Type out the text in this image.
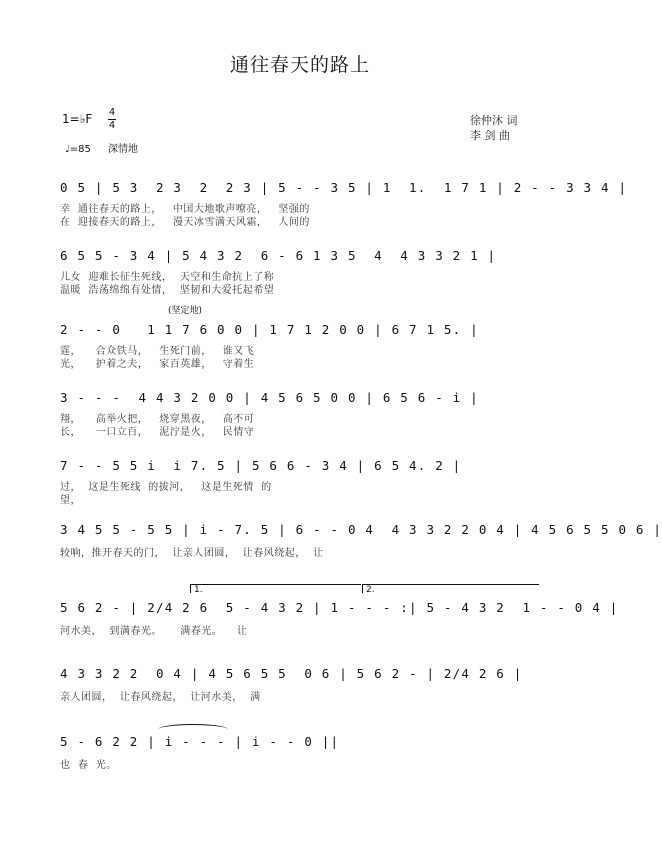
通往春天的路上
1=♭F 4
4
♩=85 深情地
徐仲沐 词
李 剑 曲
0 5 | 5 3  2 3  2  2 3 | 5 - - 3 5 | 1  1.  1 7 1 | 2 - - 3 3 4 |
幸  通往春天的路上，   中国大地歌声嘹亮，   坚强的
在  迎接春天的路上，   漫天冰雪满天风霜，   人间的
6 5 5 - 3 4 | 5 4 3 2  6 - 6 1 3 5  4  4 3 3 2 1 |
儿女  迎难长征生死线，  天空和生命抗上了称
温暖  浩荡绵绵有处情，  坚韧和大爱托起希望
(坚定地)
2 - - 0   1 1 7 6 0 0 | 1 7 1 2 0 0 | 6 7 1 5. |
霆，    合众铁马，   生死门前，   谁又飞
光，    护着之夫，   家百英雄，   守着生
3 - - -  4 4 3 2 0 0 | 4 5 6 5 0 0 | 6 5 6 - i |
翔，    高举火把，   烧穿黑夜，   高不可
长，    一口立百，   泥泞是火，   民情守
7 - - 5 5 i  i 7. 5 | 5 6 6 - 3 4 | 6 5 4. 2 |
过，  这是生死线  的拔河，   这是生死情  的
望，
3 4 5 5 - 5 5 | i - 7. 5 | 6 - - 0 4  4 3 3 2 2 0 4 | 4 5 6 5 5 0 6 |
较响，推开春天的门，  让亲人团圆，  让春风绕起，  让
1.	2.
5 6 2 - | 2/4 2 6  5 - 4 3 2 | 1 - - - :| 5 - 4 3 2  1 - - 0 4 |
河水美，  到满春光。     满春光。    让
4 3 3 2 2  0 4 | 4 5 6 5 5  0 6 | 5 6 2 - | 2/4 2 6 |
亲人团圆，  让春风绕起，  让河水美，  满
5 - 6 2 2 | i - - - | i - - 0 ||
也  春  光。
